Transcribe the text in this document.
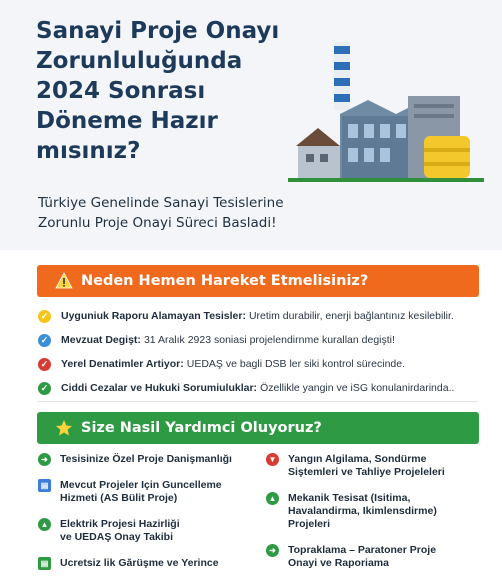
Sanayi Proje Onayı Zorunluluğunda 2024 Sonrası Döneme Hazır mısınız?
Türkiye Genelinde Sanayi Tesislerine Zorunlu Proje Onayi Süreci Basladi!
Neden Hemen Hareket Etmelisiniz?
✓ Uyguniuk Raporu Alamayan Tesisler: Uretim durabilir, enerji bağlantınız kesilebilir.
✓ Mevzuat Degişt: 31 Aralık 2923 soniasi projelendirnme kurallan degişti!
✓ Yerel Denatimler Artiyor: UEDAŞ ve bagli DSB ler siki kontrol sürecinde.
✓ Ciddi Cezalar ve Hukuki Sorumiuluklar: Özellikle yangin ve iSG konulanirdarinda..
Size Nasil Yardımci Oluyoruz?
➜	Tesisinize Özel Proje Danişmanlığı
▤ Mevcut Projeler Için Guncelleme
Hizmeti (AS Bülit Proje)
▲ Elektrik Projesi Hazirliği
ve UEDAŞ Onay Takibi
▤ Ucretsiz lik Gărüşme ve Yerince
▼ Yangın Algilama, Sondürme
Siştemleri ve Tahliye Projeleleri
▲ Mekanik Tesisat (Isitima,
Havalandirma, Ikimlensdirme)
Projeleri
➜	Topraklama – Paratoner Proje
Onayi ve Raporiama
